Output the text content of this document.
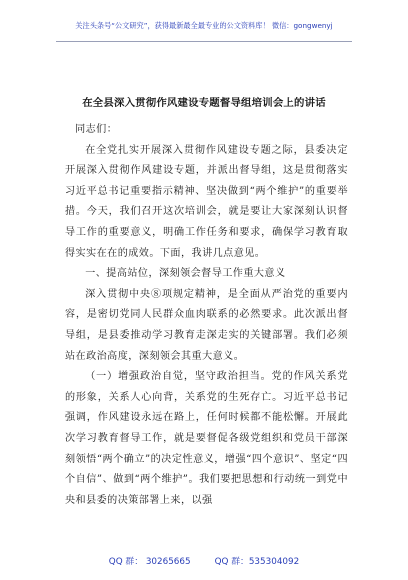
关注头条号“公文研究”，获得最新最全最专业的公文资料库！ 微信：gongwenyj
在全县深入贯彻作风建设专题督导组培训会上的讲话

同志们：

在全党扎实开展深入贯彻作风建设专题之际，县委决定开展深入贯彻作风建设专题，并派出督导组，这是贯彻落实习近平总书记重要指示精神、坚决做到“两个维护”的重要举措。今天，我们召开这次培训会，就是要让大家深刻认识督导工作的重要意义，明确工作任务和要求，确保学习教育取得实实在在的成效。下面，我讲几点意见。

一、提高站位，深刻领会督导工作重大意义

深入贯彻中央⑧项规定精神，是全面从严治党的重要内容，是密切党同人民群众血肉联系的必然要求。此次派出督导组，是县委推动学习教育走深走实的关键部署。我们必须站在政治高度，深刻领会其重大意义。

（一）增强政治自觉，坚守政治担当。党的作风关系党的形象，关系人心向背，关系党的生死存亡。习近平总书记强调，作风建设永远在路上，任何时候都不能松懈。开展此次学习教育督导工作，就是要督促各级党组织和党员干部深刻领悟“两个确立”的决定性意义，增强“四个意识”、坚定“四个自信”、做到“两个维护”。我们要把思想和行动统一到党中央和县委的决策部署上来，以强

QQ 群： 30265665	QQ 群：535304092
